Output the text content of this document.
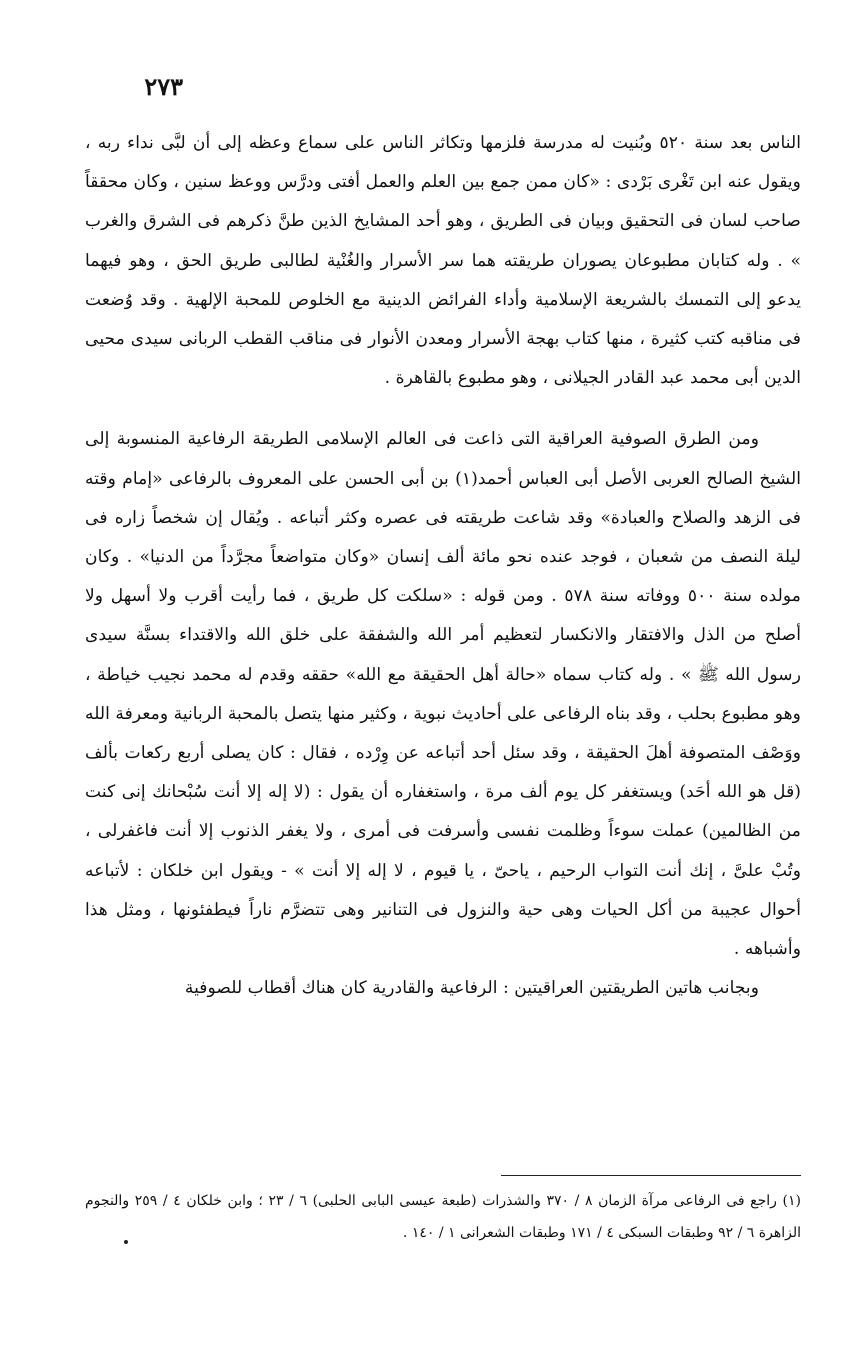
٢٧٣

الناس بعد سنة ٥٢٠ وبُنيت له مدرسة فلزمها وتكاثر الناس على سماع وعظه إلى أن لبَّى نداء ربه ، ويقول عنه ابن تَغْرى بَرْدى : «كان ممن جمع بين العلم والعمل أفتى ودرَّس ووعظ سنين ، وكان محققاً صاحب لسان فى التحقيق وبيان فى الطريق ، وهو أحد المشايخ الذين طنَّ ذكرهم فى الشرق والغرب » . وله كتابان مطبوعان يصوران طريقته هما سر الأسرار والغُنْية لطالبى طريق الحق ، وهو فيهما يدعو إلى التمسك بالشريعة الإسلامية وأداء الفرائض الدينية مع الخلوص للمحبة الإلهية . وقد وُضعت فى مناقبه كتب كثيرة ، منها كتاب بهجة الأسرار ومعدن الأنوار فى مناقب القطب الربانى سيدى محيى الدين أبى محمد عبد القادر الجيلانى ، وهو مطبوع بالقاهرة .

ومن الطرق الصوفية العراقية التى ذاعت فى العالم الإسلامى الطريقة الرفاعية المنسوبة إلى الشيخ الصالح العربى الأصل أبى العباس أحمد(١) بن أبى الحسن على المعروف بالرفاعى «إمام وقته فى الزهد والصلاح والعبادة» وقد شاعت طريقته فى عصره وكثر أتباعه . ويُقال إن شخصاً زاره فى ليلة النصف من شعبان ، فوجد عنده نحو مائة ألف إنسان «وكان متواضعاً مجرَّداً من الدنيا» . وكان مولده سنة ٥٠٠ ووفاته سنة ٥٧٨ . ومن قوله : «سلكت كل طريق ، فما رأيت أقرب ولا أسهل ولا أصلح من الذل والافتقار والانكسار لتعظيم أمر الله والشفقة على خلق الله والاقتداء بسنَّة سيدى رسول الله ﷺ » . وله كتاب سماه «حالة أهل الحقيقة مع الله» حققه وقدم له محمد نجيب خياطة ، وهو مطبوع بحلب ، وقد بناه الرفاعى على أحاديث نبوية ، وكثير منها يتصل بالمحبة الربانية ومعرفة الله ووَصْف المتصوفة أهلَ الحقيقة ، وقد سئل أحد أتباعه عن وِرْده ، فقال : كان يصلى أربع ركعات بألف (قل هو الله أحَد) ويستغفر كل يوم ألف مرة ، واستغفاره أن يقول : (لا إله إلا أنت سُبْحانك إنى كنت من الظالمين) عملت سوءاً وظلمت نفسى وأسرفت فى أمرى ، ولا يغفر الذنوب إلا أنت فاغفرلى ، وتُبْ علىَّ ، إنك أنت التواب الرحيم ، ياحىّ ، يا قيوم ، لا إله إلا أنت » - ويقول ابن خلكان : لأتباعه أحوال عجيبة من أكل الحيات وهى حية والنزول فى التنانير وهى تتضرَّم ناراً فيطفئونها ، ومثل هذا وأشباهه .

وبجانب هاتين الطريقتين العراقيتين : الرفاعية والقادرية كان هناك أقطاب للصوفية

(١) راجع فى الرفاعى مرآة الزمان ٨ / ٣٧٠ والشذرات (طبعة عيسى البابى الحلبى) ٦ / ٢٣ ؛ وابن خلكان ٤ / ٢٥٩ والنجوم الزاهرة ٦ / ٩٢ وطبقات السبكى ٤ / ١٧١ وطبقات الشعرانى ١ / ١٤٠ .
